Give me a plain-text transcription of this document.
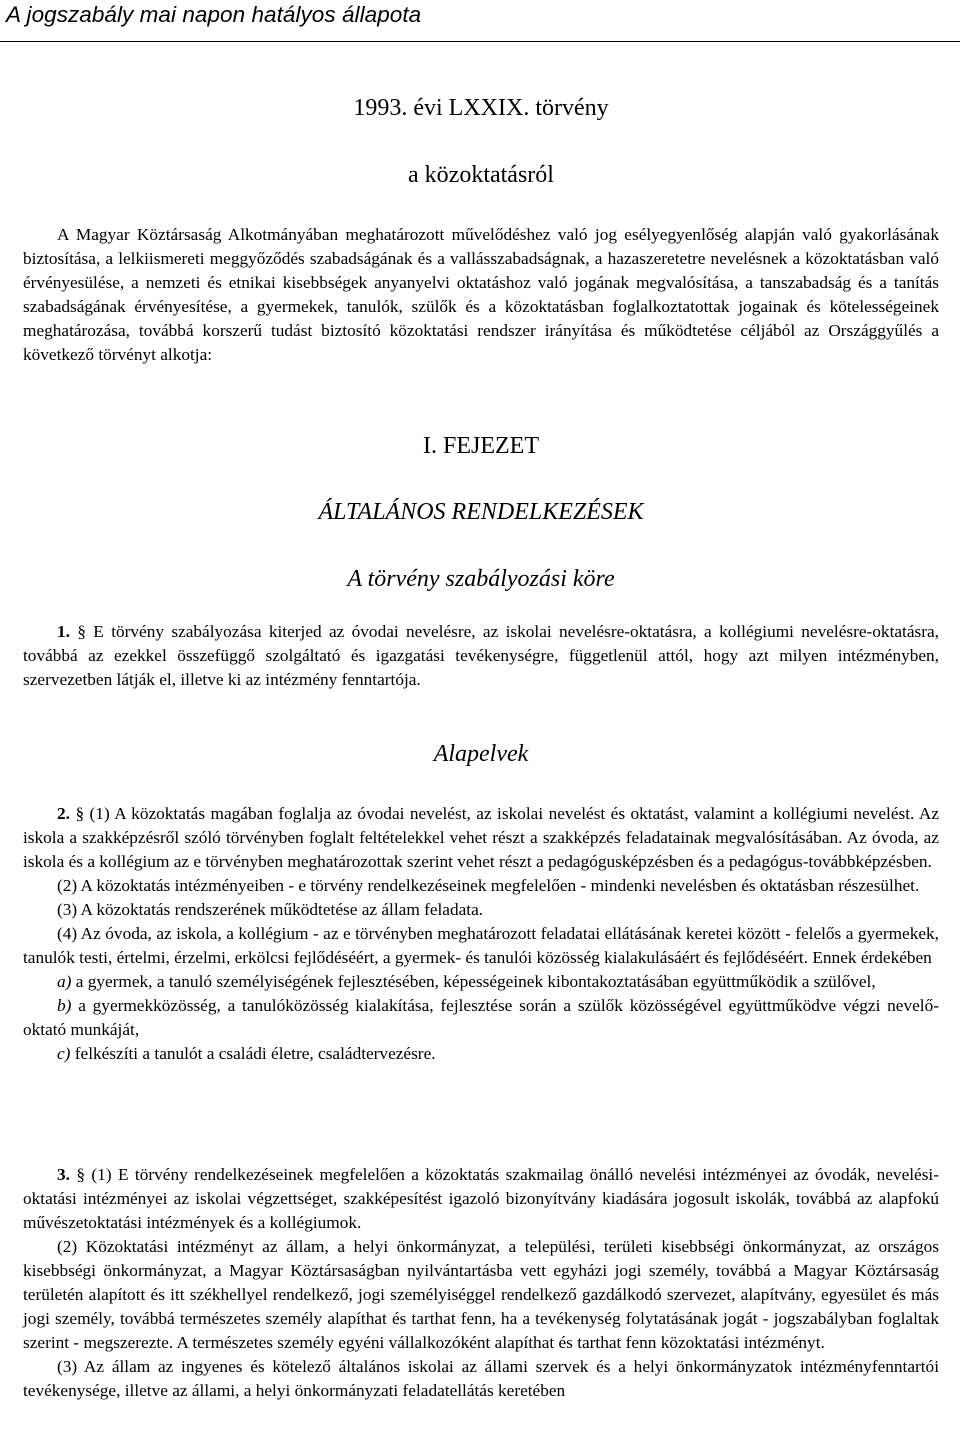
A jogszabály mai napon hatályos állapota
1993. évi LXXIX. törvény
a közoktatásról
A Magyar Köztársaság Alkotmányában meghatározott művelődéshez való jog esélyegyenlőség alapján való gyakorlásának biztosítása, a lelkiismereti meggyőződés szabadságának és a vallásszabadságnak, a hazaszeretetre nevelésnek a közoktatásban való érvényesülése, a nemzeti és etnikai kisebbségek anyanyelvi oktatáshoz való jogának megvalósítása, a tanszabadság és a tanítás szabadságának érvényesítése, a gyermekek, tanulók, szülők és a közoktatásban foglalkoztatottak jogainak és kötelességeinek meghatározása, továbbá korszerű tudást biztosító közoktatási rendszer irányítása és működtetése céljából az Országgyűlés a következő törvényt alkotja:
I. FEJEZET
ÁLTALÁNOS RENDELKEZÉSEK
A törvény szabályozási köre
1. § E törvény szabályozása kiterjed az óvodai nevelésre, az iskolai nevelésre-oktatásra, a kollégiumi nevelésre-oktatásra, továbbá az ezekkel összefüggő szolgáltató és igazgatási tevékenységre, függetlenül attól, hogy azt milyen intézményben, szervezetben látják el, illetve ki az intézmény fenntartója.
Alapelvek

2. § (1) A közoktatás magában foglalja az óvodai nevelést, az iskolai nevelést és oktatást, valamint a kollégiumi nevelést. Az iskola a szakképzésről szóló törvényben foglalt feltételekkel vehet részt a szakképzés feladatainak megvalósításában. Az óvoda, az iskola és a kollégium az e törvényben meghatározottak szerint vehet részt a pedagógusképzésben és a pedagógus-továbbképzésben.

(2) A közoktatás intézményeiben - e törvény rendelkezéseinek megfelelően - mindenki nevelésben és oktatásban részesülhet.

(3) A közoktatás rendszerének működtetése az állam feladata.

(4) Az óvoda, az iskola, a kollégium - az e törvényben meghatározott feladatai ellátásának keretei között - felelős a gyermekek, tanulók testi, értelmi, érzelmi, erkölcsi fejlődéséért, a gyermek- és tanulói közösség kialakulásáért és fejlődéséért. Ennek érdekében

a) a gyermek, a tanuló személyiségének fejlesztésében, képességeinek kibontakoztatásában együttműködik a szülővel,

b) a gyermekközösség, a tanulóközösség kialakítása, fejlesztése során a szülők közösségével együttműködve végzi nevelő-oktató munkáját,

c) felkészíti a tanulót a családi életre, családtervezésre.

3. § (1) E törvény rendelkezéseinek megfelelően a közoktatás szakmailag önálló nevelési intézményei az óvodák, nevelési-oktatási intézményei az iskolai végzettséget, szakképesítést igazoló bizonyítvány kiadására jogosult iskolák, továbbá az alapfokú művészetoktatási intézmények és a kollégiumok.

(2) Közoktatási intézményt az állam, a helyi önkormányzat, a települési, területi kisebbségi önkormányzat, az országos kisebbségi önkormányzat, a Magyar Köztársaságban nyilvántartásba vett egyházi jogi személy, továbbá a Magyar Köztársaság területén alapított és itt székhellyel rendelkező, jogi személyiséggel rendelkező gazdálkodó szervezet, alapítvány, egyesület és más jogi személy, továbbá természetes személy alapíthat és tarthat fenn, ha a tevékenység folytatásának jogát - jogszabályban foglaltak szerint - megszerezte. A természetes személy egyéni vállalkozóként alapíthat és tarthat fenn közoktatási intézményt.

(3) Az állam az ingyenes és kötelező általános iskolai az állami szervek és a helyi önkormányzatok intézményfenntartói tevékenysége, illetve az állami, a helyi önkormányzati feladatellátás keretében
